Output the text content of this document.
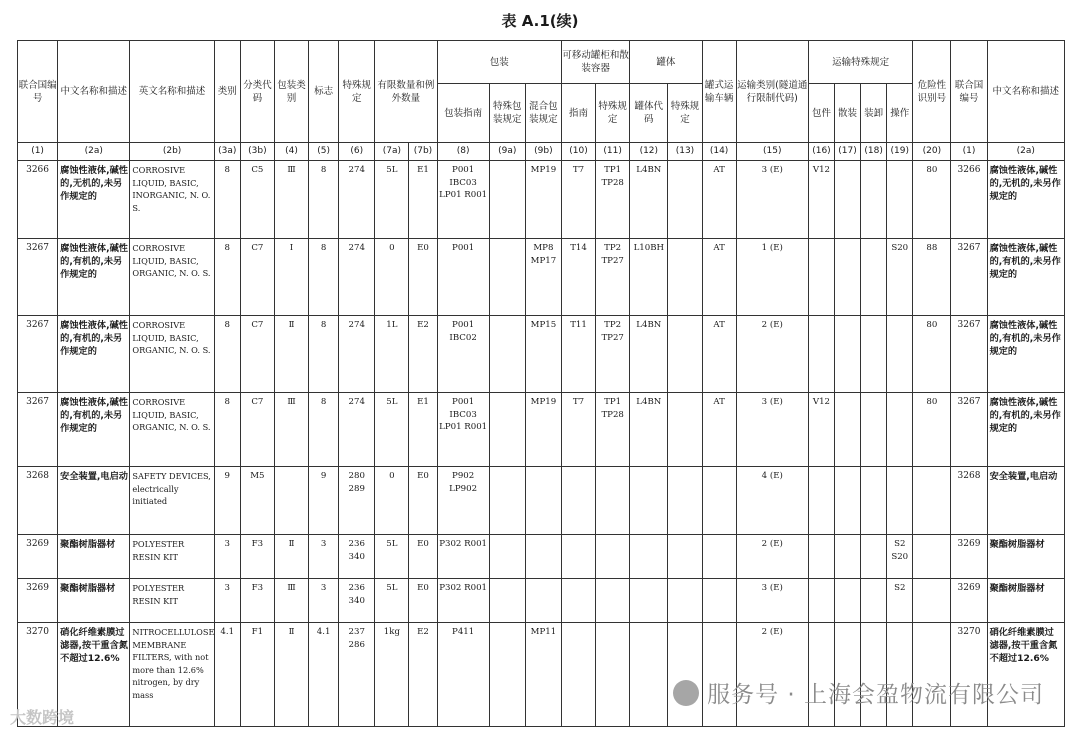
表 A.1(续)
联合国编号	中文名称和描述	英文名称和描述	类别	分类代码	包装类别	标志	特殊规定	有限数量和例外数量		包装			可移动罐柜和散装容器		罐体		罐式运输车辆	运输类别(隧道通行限制代码)	运输特殊规定				危险性识别号	联合国编号	中文名称和描述
										包装指南	特殊包装规定	混合包装规定	指南	特殊规定	罐体代码	特殊规定			包件	散装	装卸	操作			
(1)	(2a)	(2b)	(3a)	(3b)	(4)	(5)	(6)	(7a)	(7b)	(8)	(9a)	(9b)	(10)	(11)	(12)	(13)	(14)	(15)	(16)	(17)	(18)	(19)	(20)	(1)	(2a)
3266	腐蚀性液体,碱性的,无机的,未另作规定的	CORROSIVE LIQUID, BASIC, INORGANIC, N. O. S.	8	C5	Ⅲ	8	274	5L	E1	P001 IBC03 LP01 R001		MP19	T7	TP1 TP28	L4BN		AT	3 (E)	V12				80	3266	腐蚀性液体,碱性的,无机的,未另作规定的
3267	腐蚀性液体,碱性的,有机的,未另作规定的	CORROSIVE LIQUID, BASIC, ORGANIC, N. O. S.	8	C7	Ⅰ	8	274	0	E0	P001		MP8 MP17	T14	TP2 TP27	L10BH		AT	1 (E)				S20	88	3267	腐蚀性液体,碱性的,有机的,未另作规定的
3267	腐蚀性液体,碱性的,有机的,未另作规定的	CORROSIVE LIQUID, BASIC, ORGANIC, N. O. S.	8	C7	Ⅱ	8	274	1L	E2	P001 IBC02		MP15	T11	TP2 TP27	L4BN		AT	2 (E)					80	3267	腐蚀性液体,碱性的,有机的,未另作规定的
3267	腐蚀性液体,碱性的,有机的,未另作规定的	CORROSIVE LIQUID, BASIC, ORGANIC, N. O. S.	8	C7	Ⅲ	8	274	5L	E1	P001 IBC03 LP01 R001		MP19	T7	TP1 TP28	L4BN		AT	3 (E)	V12				80	3267	腐蚀性液体,碱性的,有机的,未另作规定的
3268	安全装置,电启动	SAFETY DEVICES, electrically initiated	9	M5		9	280 289	0	E0	P902 LP902								4 (E)						3268	安全装置,电启动
3269	聚酯树脂器材	POLYESTER RESIN KIT	3	F3	Ⅱ	3	236 340	5L	E0	P302 R001								2 (E)				S2 S20		3269	聚酯树脂器材
3269	聚酯树脂器材	POLYESTER RESIN KIT	3	F3	Ⅲ	3	236 340	5L	E0	P302 R001								3 (E)				S2		3269	聚酯树脂器材
3270	硝化纤维素膜过滤器,按干重含氮不超过12.6%	NITROCELLULOSE MEMBRANE FILTERS, with not more than 12.6% nitrogen, by dry mass	4.1	F1	Ⅱ	4.1	237 286	1kg	E2	P411		MP11						2 (E)						3270	硝化纤维素膜过滤器,按干重含氮不超过12.6%
服务号 · 上海会盈物流有限公司
大数跨境
